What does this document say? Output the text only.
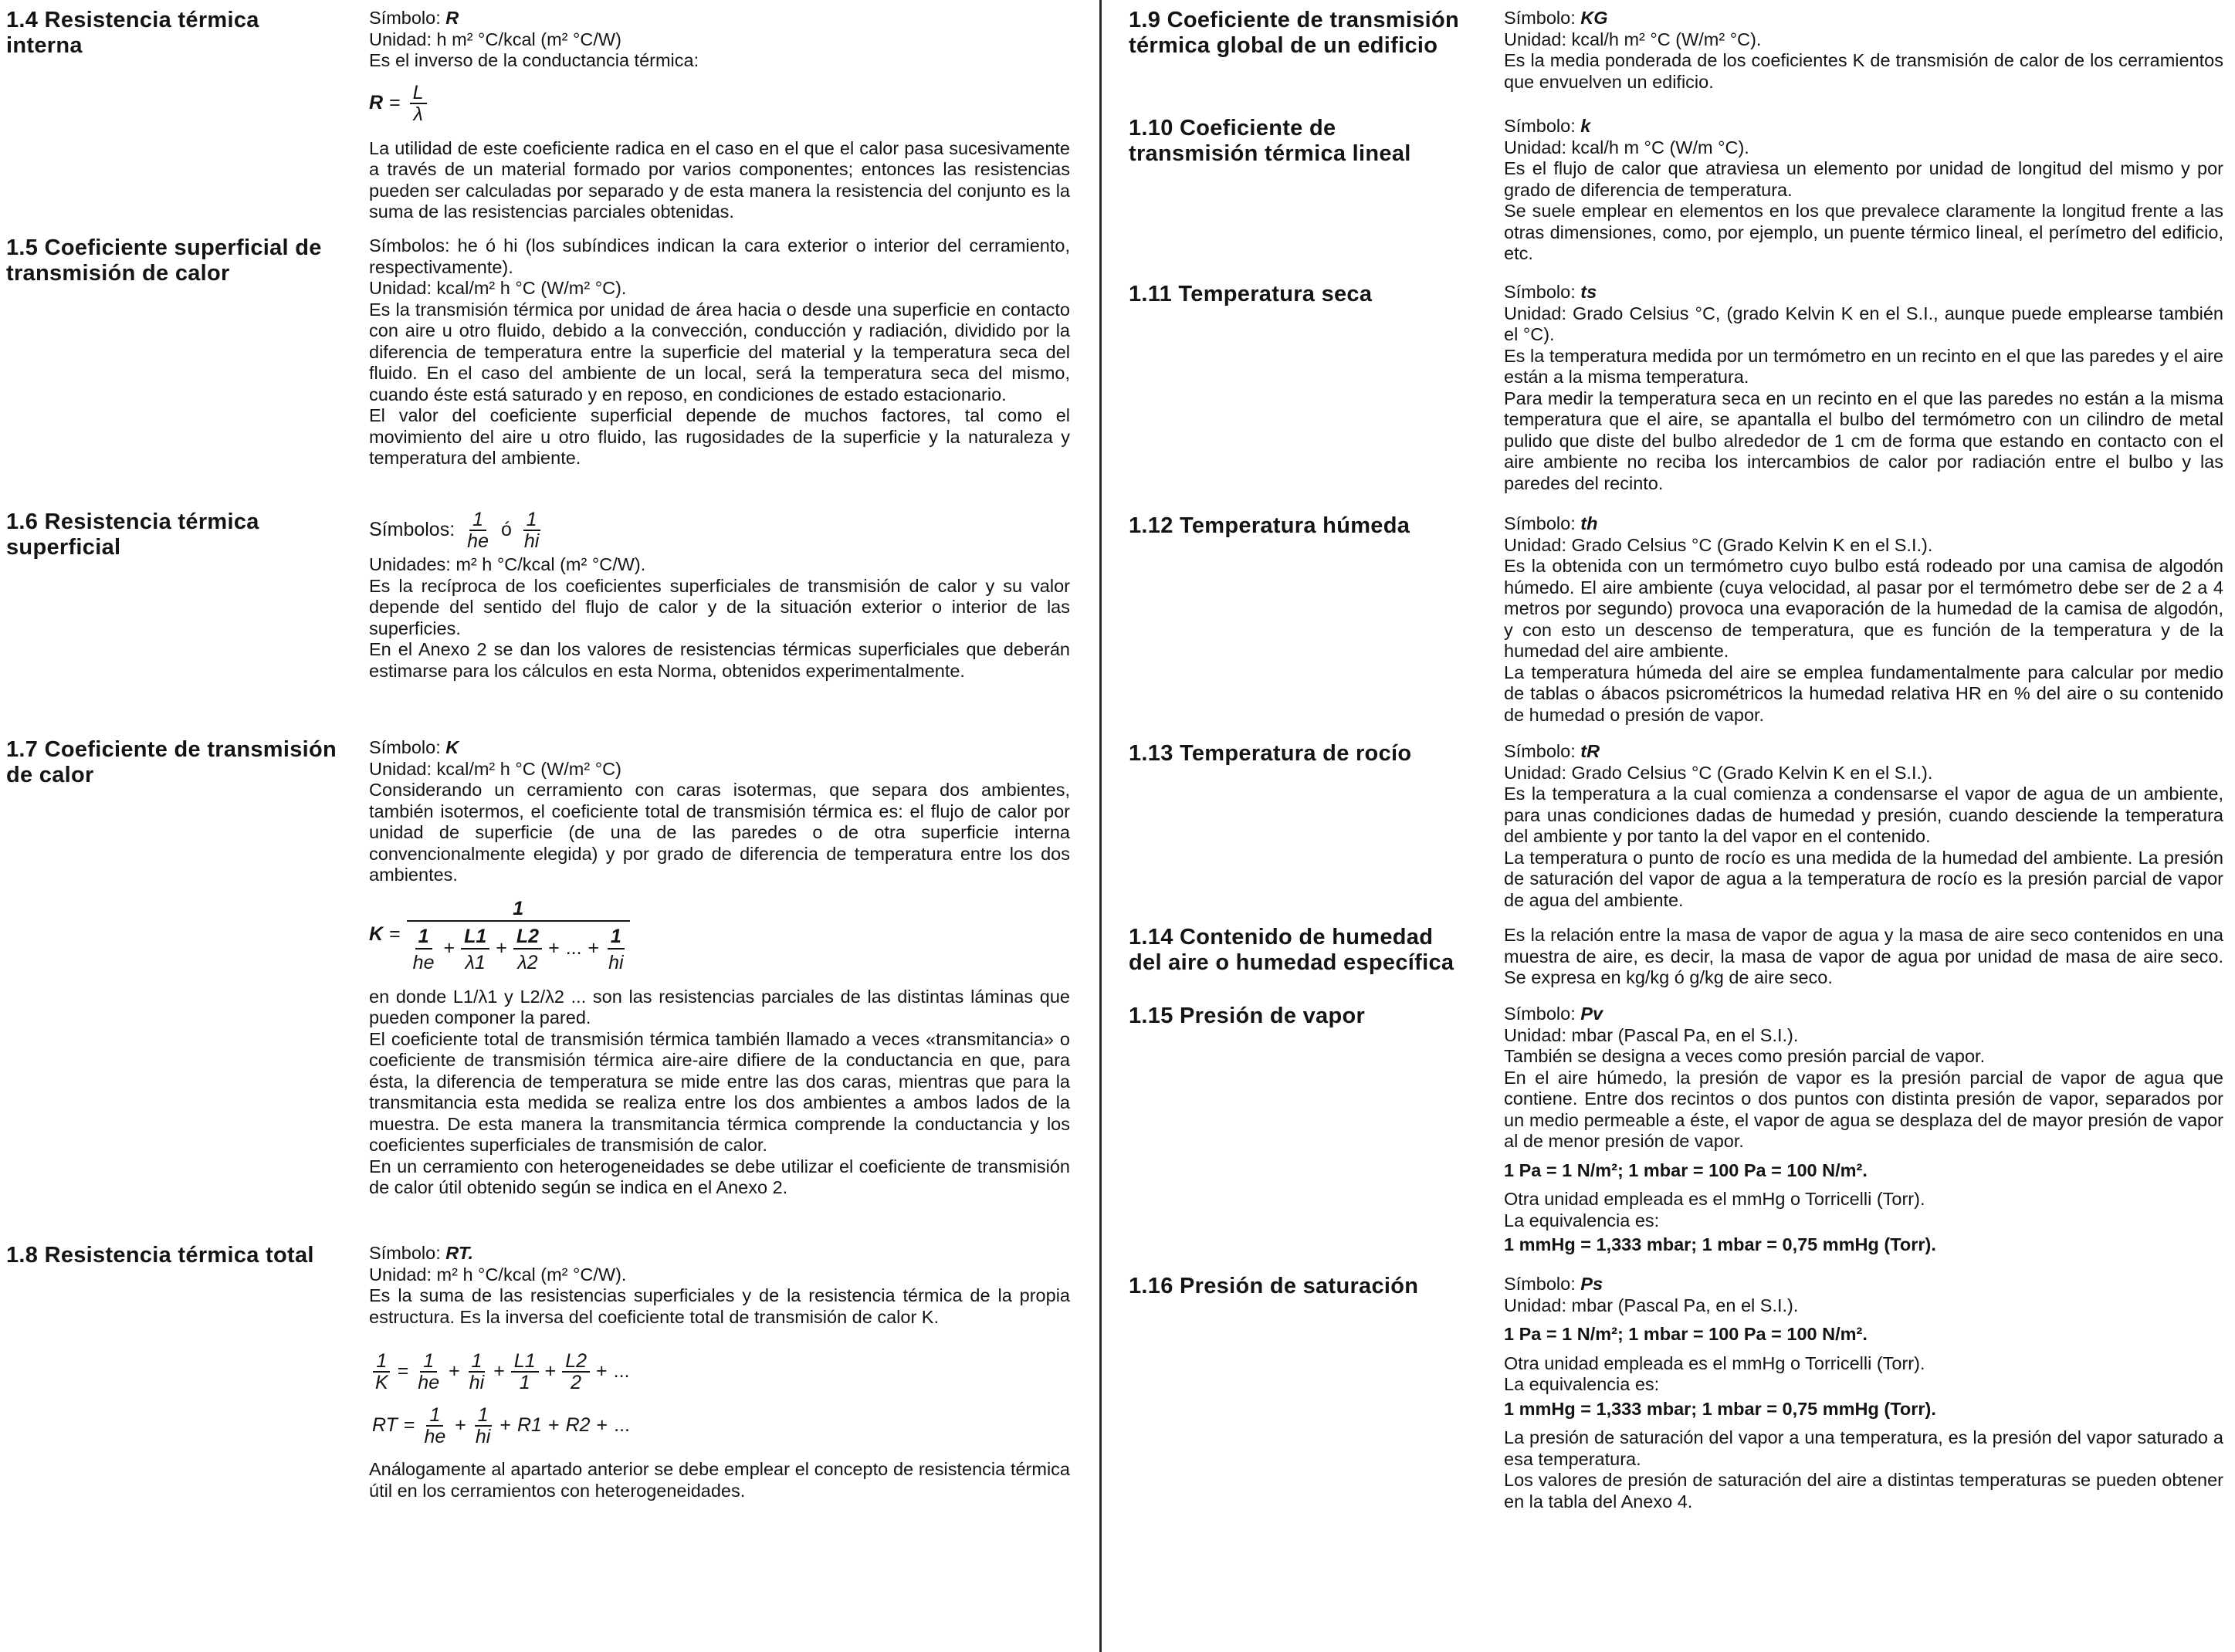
1.4 Resistencia térmica interna

Símbolo: R

Unidad: h m² °C/kcal (m² °C/W)

Es el inverso de la conductancia térmica:

$R = \frac{L}{\lambda}$

La utilidad de este coeficiente radica en el caso en el que el calor pasa sucesivamente a través de un material formado por varios componentes; entonces las resistencias pueden ser calculadas por separado y de esta manera la resistencia del conjunto es la suma de las resistencias parciales obtenidas.

1.5 Coeficiente superficial de transmisión de calor

Símbolos: he ó hi (los subíndices indican la cara exterior o interior del cerramiento, respectivamente).

Unidad: kcal/m² h °C (W/m² °C).

Es la transmisión térmica por unidad de área hacia o desde una superficie en contacto con aire u otro fluido, debido a la convección, conducción y radiación, dividido por la diferencia de temperatura entre la superficie del material y la temperatura seca del fluido. En el caso del ambiente de un local, será la temperatura seca del mismo, cuando éste está saturado y en reposo, en condiciones de estado estacionario.

El valor del coeficiente superficial depende de muchos factores, tal como el movimiento del aire u otro fluido, las rugosidades de la superficie y la naturaleza y temperatura del ambiente.

1.6 Resistencia térmica superficial
Símbolos: $\frac{1}{he}$ ó $\frac{1}{hi}$

Unidades: m² h °C/kcal (m² °C/W).

Es la recíproca de los coeficientes superficiales de transmisión de calor y su valor depende del sentido del flujo de calor y de la situación exterior o interior de las superficies.

En el Anexo 2 se dan los valores de resistencias térmicas superficiales que deberán estimarse para los cálculos en esta Norma, obtenidos experimentalmente.

1.7 Coeficiente de transmisión de calor

Símbolo: K

Unidad: kcal/m² h °C (W/m² °C)

Considerando un cerramiento con caras isotermas, que separa dos ambientes, también isotermos, el coeficiente total de transmisión térmica es: el flujo de calor por unidad de superficie (de una de las paredes o de otra superficie interna convencionalmente elegida) y por grado de diferencia de temperatura entre los dos ambientes.

K =
1
$\frac{1}{he} + \frac{L1}{\lambda 1} + \frac{L2}{\lambda 2}$ + ... + $\frac{1}{hi}$

en donde L1/λ1 y L2/λ2 ... son las resistencias parciales de las distintas láminas que pueden componer la pared.

El coeficiente total de transmisión térmica también llamado a veces «transmitancia» o coeficiente de transmisión térmica aire-aire difiere de la conductancia en que, para ésta, la diferencia de temperatura se mide entre las dos caras, mientras que para la transmitancia esta medida se realiza entre los dos ambientes a ambos lados de la muestra. De esta manera la transmitancia térmica comprende la conductancia y los coeficientes superficiales de transmisión de calor.

En un cerramiento con heterogeneidades se debe utilizar el coeficiente de transmisión de calor útil obtenido según se indica en el Anexo 2.

1.8 Resistencia térmica total	Símbolo: RT.

Unidad: m² h °C/kcal (m² °C/W).

Es la suma de las resistencias superficiales y de la resistencia térmica de la propia estructura. Es la inversa del coeficiente total de transmisión de calor K.

$\frac{1}{K} = \frac{1}{he} + \frac{1}{hi} + \frac{L1}{1} + \frac{L2}{2}$ + ...
RT = $\frac{1}{he} + \frac{1}{hi} + R1 + R2$ + ...

Análogamente al apartado anterior se debe emplear el concepto de resistencia térmica útil en los cerramientos con heterogeneidades.

1.9 Coeficiente de transmisión térmica global de un edificio

Símbolo: KG

Unidad: kcal/h m² °C (W/m² °C).

Es la media ponderada de los coeficientes K de transmisión de calor de los cerramientos que envuelven un edificio.

1.10 Coeficiente de transmisión térmica lineal

Símbolo: k

Unidad: kcal/h m °C (W/m °C).

Es el flujo de calor que atraviesa un elemento por unidad de longitud del mismo y por grado de diferencia de temperatura.

Se suele emplear en elementos en los que prevalece claramente la longitud frente a las otras dimensiones, como, por ejemplo, un puente térmico lineal, el perímetro del edificio, etc.

1.11 Temperatura seca	Símbolo: ts

Unidad: Grado Celsius °C, (grado Kelvin K en el S.I., aunque puede emplearse también el °C).

Es la temperatura medida por un termómetro en un recinto en el que las paredes y el aire están a la misma temperatura.

Para medir la temperatura seca en un recinto en el que las paredes no están a la misma temperatura que el aire, se apantalla el bulbo del termómetro con un cilindro de metal pulido que diste del bulbo alrededor de 1 cm de forma que estando en contacto con el aire ambiente no reciba los intercambios de calor por radiación entre el bulbo y las paredes del recinto.

1.12 Temperatura húmeda	Símbolo: th

Unidad: Grado Celsius °C (Grado Kelvin K en el S.I.).

Es la obtenida con un termómetro cuyo bulbo está rodeado por una camisa de algodón húmedo. El aire ambiente (cuya velocidad, al pasar por el termómetro debe ser de 2 a 4 metros por segundo) provoca una evaporación de la humedad de la camisa de algodón, y con esto un descenso de temperatura, que es función de la temperatura y de la humedad del aire ambiente.

La temperatura húmeda del aire se emplea fundamentalmente para calcular por medio de tablas o ábacos psicrométricos la humedad relativa HR en % del aire o su contenido de humedad o presión de vapor.

1.13 Temperatura de rocío	Símbolo: tR

Unidad: Grado Celsius °C (Grado Kelvin K en el S.I.).

Es la temperatura a la cual comienza a condensarse el vapor de agua de un ambiente, para unas condiciones dadas de humedad y presión, cuando desciende la temperatura del ambiente y por tanto la del vapor en el contenido.

La temperatura o punto de rocío es una medida de la humedad del ambiente. La presión de saturación del vapor de agua a la temperatura de rocío es la presión parcial de vapor de agua del ambiente.

1.14 Contenido de humedad del aire o humedad específica

Es la relación entre la masa de vapor de agua y la masa de aire seco contenidos en una muestra de aire, es decir, la masa de vapor de agua por unidad de masa de aire seco. Se expresa en kg/kg ó g/kg de aire seco.

1.15 Presión de vapor	Símbolo: Pv

Unidad: mbar (Pascal Pa, en el S.I.).

También se designa a veces como presión parcial de vapor.

En el aire húmedo, la presión de vapor es la presión parcial de vapor de agua que contiene. Entre dos recintos o dos puntos con distinta presión de vapor, separados por un medio permeable a éste, el vapor de agua se desplaza del de mayor presión de vapor al de menor presión de vapor.

1 Pa = 1 N/m²; 1 mbar = 100 Pa = 100 N/m².

Otra unidad empleada es el mmHg o Torricelli (Torr).

La equivalencia es:

1 mmHg = 1,333 mbar; 1 mbar = 0,75 mmHg (Torr).

1.16 Presión de saturación	Símbolo: Ps

Unidad: mbar (Pascal Pa, en el S.I.).

1 Pa = 1 N/m²; 1 mbar = 100 Pa = 100 N/m².

Otra unidad empleada es el mmHg o Torricelli (Torr).

La equivalencia es:

1 mmHg = 1,333 mbar; 1 mbar = 0,75 mmHg (Torr).

La presión de saturación del vapor a una temperatura, es la presión del vapor saturado a esa temperatura.

Los valores de presión de saturación del aire a distintas temperaturas se pueden obtener en la tabla del Anexo 4.
